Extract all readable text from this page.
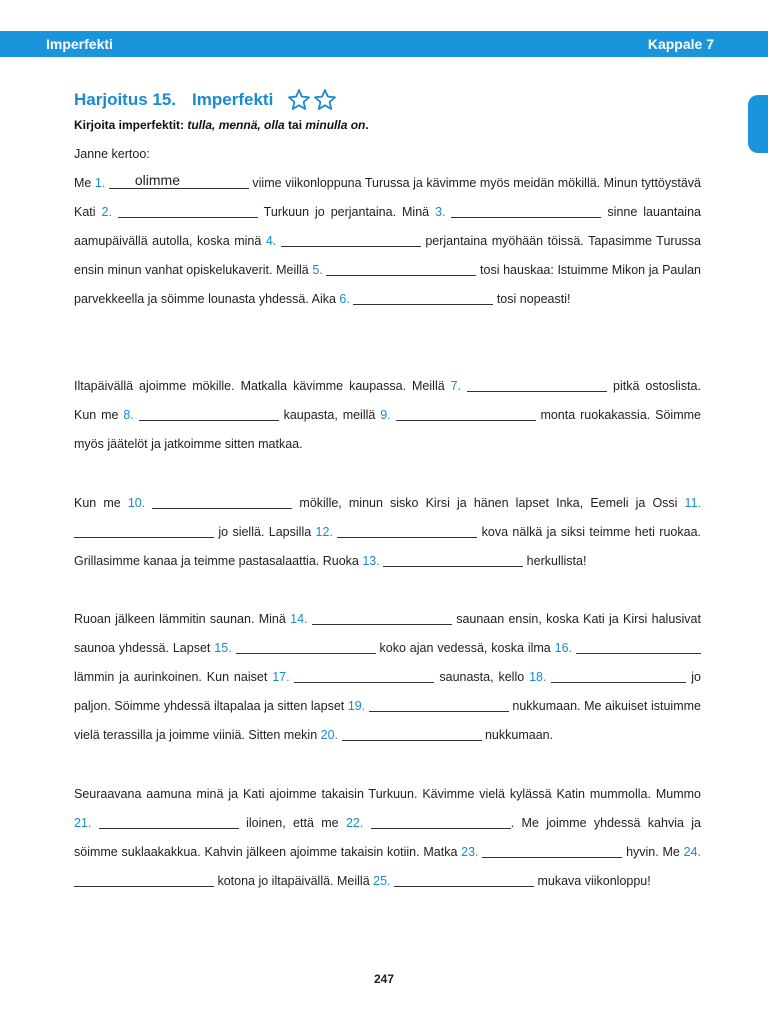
Imperfekti	Kappale 7
Harjoitus 15. Imperfekti
Kirjoita imperfektit: tulla, mennä, olla tai minulla on.
Janne kertoo:
Me 1. olimme	viime viikonloppuna Turussa ja kävimme myös meidän mökillä. Minun tyttöystävä Kati 2.	Turkuun jo perjantaina. Minä 3.	sinne lauantaina aamupäivällä autolla, koska minä 4.	perjantaina myöhään töissä. Tapasimme Turussa ensin minun vanhat opiskelukaverit. Meillä 5.	tosi hauskaa: Istuimme Mikon ja Paulan parvekkeella ja söimme lounasta yhdessä. Aika 6.	tosi nopeasti!
Iltapäivällä ajoimme mökille. Matkalla kävimme kaupassa. Meillä 7.	pitkä ostoslista. Kun me 8.	kaupasta, meillä 9.	monta ruokakassia. Söimme myös jäätelöt ja jatkoimme sitten matkaa.
Kun me 10.	mökille, minun sisko Kirsi ja hänen lapset Inka, Eemeli ja Ossi 11.  jo siellä. Lapsilla 12.	kova nälkä ja siksi teimme heti ruokaa. Grillasimme kanaa ja teimme pastasalaattia. Ruoka 13.	herkullista!
Ruoan jälkeen lämmitin saunan. Minä 14.	saunaan ensin, koska Kati ja Kirsi halusivat saunoa yhdessä. Lapset 15.	koko ajan vedessä, koska ilma 16.  lämmin ja aurinkoinen. Kun naiset 17.	saunasta, kello 18.	jo paljon. Söimme yhdessä iltapalaa ja sitten lapset 19.	nukkumaan. Me aikuiset istuimme vielä terassilla ja joimme viiniä. Sitten mekin 20.	nukkumaan.
Seuraavana aamuna minä ja Kati ajoimme takaisin Turkuun. Kävimme vielä kylässä Katin mummolla. Mummo 21.	iloinen, että me 22.	. Me joimme yhdessä kahvia ja söimme suklaakakkua. Kahvin jälkeen ajoimme takaisin kotiin. Matka 23.	hyvin. Me 24.  kotona jo iltapäivällä. Meillä 25.	mukava viikonloppu!
247
